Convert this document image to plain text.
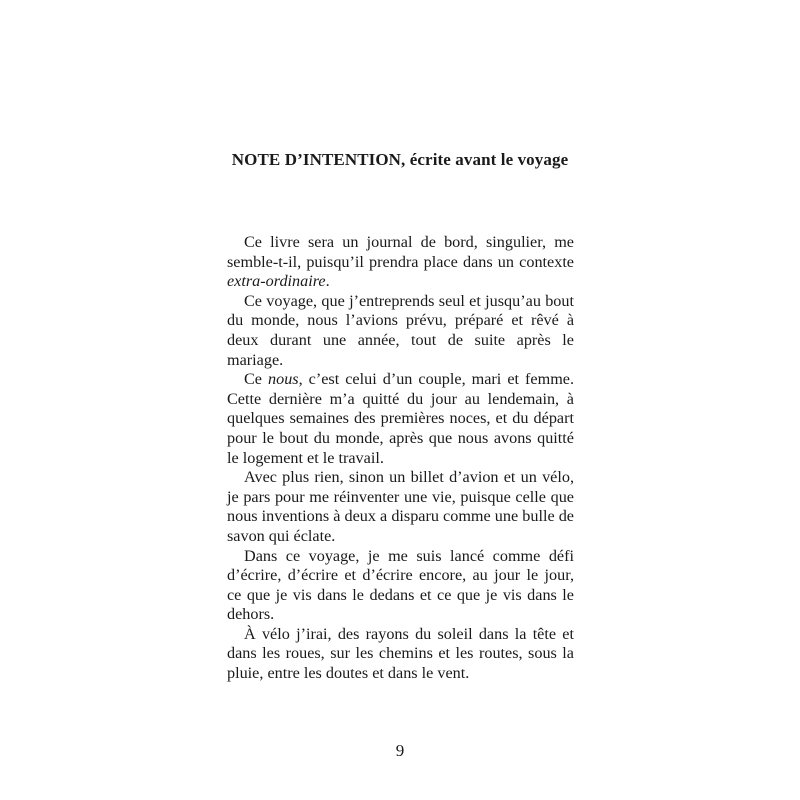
NOTE D’INTENTION, écrite avant le voyage

Ce livre sera un journal de bord, singulier, me semble-t-il, puisqu’il prendra place dans un contexte extra-ordinaire.

Ce voyage, que j’entreprends seul et jusqu’au bout du monde, nous l’avions prévu, préparé et rêvé à deux durant une année, tout de suite après le mariage.

Ce nous, c’est celui d’un couple, mari et femme. Cette dernière m’a quitté du jour au lendemain, à quelques semaines des premières noces, et du départ pour le bout du monde, après que nous avons quitté le logement et le travail.

Avec plus rien, sinon un billet d’avion et un vélo, je pars pour me réinventer une vie, puisque celle que nous inventions à deux a disparu comme une bulle de savon qui éclate.

Dans ce voyage, je me suis lancé comme défi d’écrire, d’écrire et d’écrire encore, au jour le jour, ce que je vis dans le dedans et ce que je vis dans le dehors.

À vélo j’irai, des rayons du soleil dans la tête et dans les roues, sur les chemins et les routes, sous la pluie, entre les doutes et dans le vent.

9
